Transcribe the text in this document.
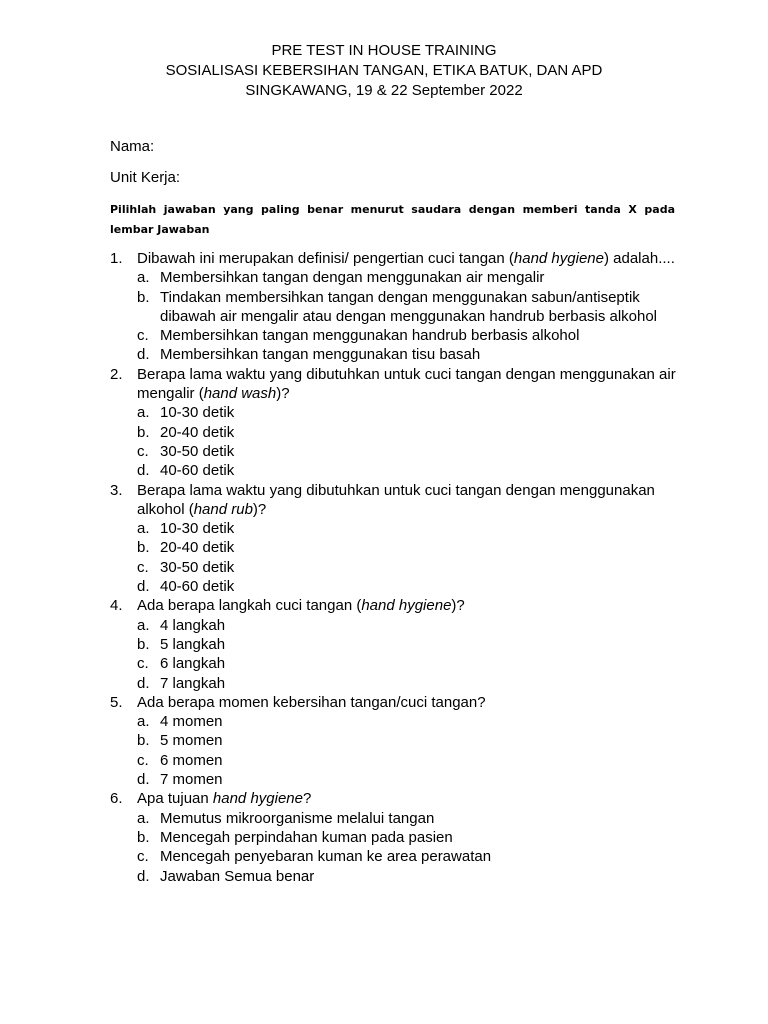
PRE TEST IN HOUSE TRAINING
SOSIALISASI KEBERSIHAN TANGAN, ETIKA BATUK, DAN APD
SINGKAWANG, 19 & 22 September 2022
Nama:
Unit Kerja:
Pilihlah jawaban yang paling benar menurut saudara dengan memberi tanda X pada lembar Jawaban
1. Dibawah ini merupakan definisi/ pengertian cuci tangan (hand hygiene) adalah....
a. Membersihkan tangan dengan menggunakan air mengalir
b. Tindakan membersihkan tangan dengan menggunakan sabun/antiseptik dibawah air mengalir atau dengan menggunakan handrub berbasis alkohol
c. Membersihkan tangan menggunakan handrub berbasis alkohol
d. Membersihkan tangan menggunakan tisu basah
2. Berapa lama waktu yang dibutuhkan untuk cuci tangan dengan menggunakan air mengalir (hand wash)?
a. 10-30 detik
b. 20-40 detik
c. 30-50 detik
d. 40-60 detik
3. Berapa lama waktu yang dibutuhkan untuk cuci tangan dengan menggunakan alkohol (hand rub)?
a. 10-30 detik
b. 20-40 detik
c. 30-50 detik
d. 40-60 detik
4. Ada berapa langkah cuci tangan (hand hygiene)?
a. 4 langkah
b. 5 langkah
c. 6 langkah
d. 7 langkah
5. Ada berapa momen kebersihan tangan/cuci tangan?
a. 4 momen
b. 5 momen
c. 6 momen
d. 7 momen
6. Apa tujuan hand hygiene?
a. Memutus mikroorganisme melalui tangan
b. Mencegah perpindahan kuman pada pasien
c. Mencegah penyebaran kuman ke area perawatan
d. Jawaban Semua benar
